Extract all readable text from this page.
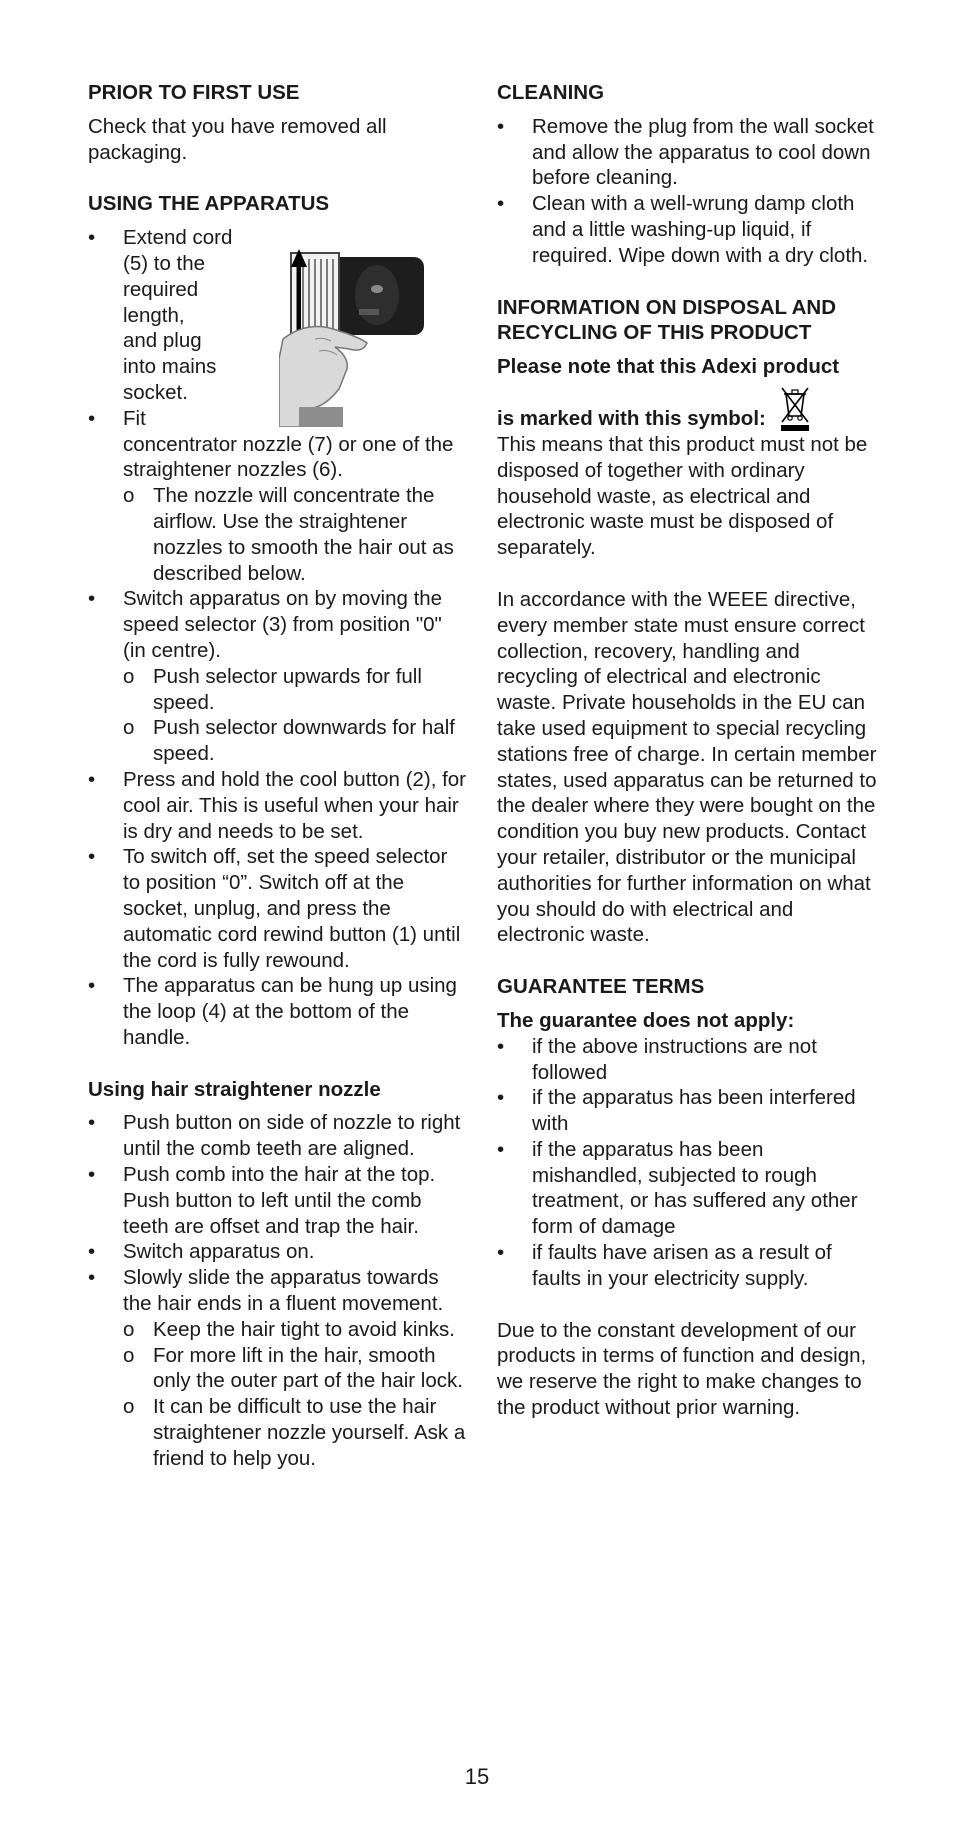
PRIOR TO FIRST USE

Check that you have removed all packaging.

USING THE APPARATUS
• Extend cord
(5) to the
required
length,
and plug
into mains
socket.
• Fit
concentrator nozzle (7) or one of the straightener nozzles (6).
o The nozzle will concentrate the airflow. Use the straightener nozzles to smooth the hair out as described below.
• Switch apparatus on by moving the speed selector (3) from position "0" (in centre).
o Push selector upwards for full speed.
o Push selector downwards for half speed.
• Press and hold the cool button (2), for cool air. This is useful when your hair is dry and needs to be set.
• To switch off, set the speed selector to position “0”. Switch off at the socket, unplug, and press the automatic cord rewind button (1) until the cord is fully rewound.
• The apparatus can be hung up using the loop (4) at the bottom of the handle.
Using hair straightener nozzle
• Push button on side of nozzle to right until the comb teeth are aligned.
• Push comb into the hair at the top. Push button to left until the comb teeth are offset and trap the hair.
• Switch apparatus on.
• Slowly slide the apparatus towards the hair ends in a fluent movement.
o Keep the hair tight to avoid kinks.
o For more lift in the hair, smooth only the outer part of the hair lock.
o It can be difficult to use the hair straightener nozzle yourself. Ask a friend to help you.
CLEANING
• Remove the plug from the wall socket and allow the apparatus to cool down before cleaning.
• Clean with a well-wrung damp cloth and a little washing-up liquid, if required. Wipe down with a dry cloth.
INFORMATION ON DISPOSAL AND RECYCLING OF THIS PRODUCT

Please note that this Adexi product

is marked with this symbol:

This means that this product must not be disposed of together with ordinary household waste, as electrical and electronic waste must be disposed of separately.

In accordance with the WEEE directive, every member state must ensure correct collection, recovery, handling and recycling of electrical and electronic waste. Private households in the EU can take used equipment to special recycling stations free of charge. In certain member states, used apparatus can be returned to the dealer where they were bought on the condition you buy new products. Contact your retailer, distributor or the municipal authorities for further information on what you should do with electrical and electronic waste.

GUARANTEE TERMS

The guarantee does not apply:

• if the above instructions are not followed
• if the apparatus has been interfered with
• if the apparatus has been mishandled, subjected to rough treatment, or has suffered any other form of damage
• if faults have arisen as a result of faults in your electricity supply.

Due to the constant development of our products in terms of function and design, we reserve the right to make changes to the product without prior warning.

15
